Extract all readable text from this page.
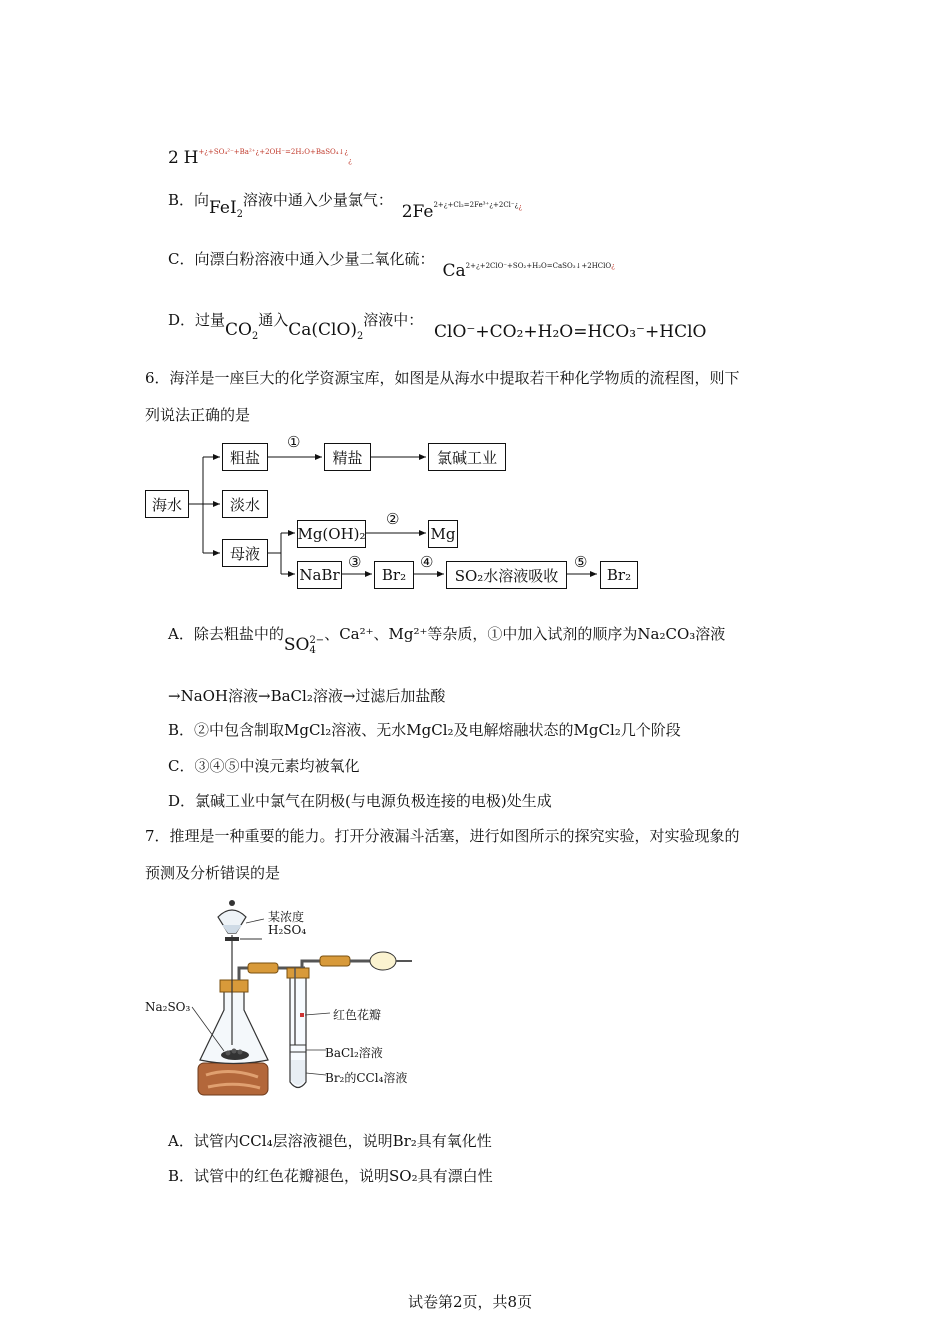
2 $H^{+¿+SO_4^{2-}+Ba^{2+}¿+2OH^-=2H_2O+BaSO_4↓¿}¿$
B．向FeI$_2$溶液中通入少量氯气： $2Fe2+¿+Cl_2=2Fe^{3+}¿+2Cl^-¿_¿$
C．向漂白粉溶液中通入少量二氧化硫：$Ca_{2+¿+2ClO^-+SO_2+H_2O=CaSO_3↓+2HClO¿}$
D．过量$CO_2$通入$Ca(ClO)_2$溶液中： ClO⁻+CO₂+H₂O=HCO₃⁻+HClO
6．海洋是一座巨大的化学资源宝库，如图是从海水中提取若干种化学物质的流程图，则下
列说法正确的是
海水
粗盐	精盐	氯碱工业
淡水
母液
Mg(OH)₂	Mg
NaBr	Br₂	SO₂水溶液吸收	Br₂
①
②
③	④	⑤
A．除去粗盐中的SO 2−
4
、Ca²⁺、Mg²⁺等杂质，①中加入试剂的顺序为Na₂CO₃溶液
→NaOH溶液→BaCl₂溶液→过滤后加盐酸
B．②中包含制取MgCl₂溶液、无水MgCl₂及电解熔融状态的MgCl₂几个阶段
C．③④⑤中溴元素均被氧化
D．氯碱工业中氯气在阴极(与电源负极连接的电极)处生成
7．推理是一种重要的能力。打开分液漏斗活塞，进行如图所示的探究实验，对实验现象的
预测及分析错误的是
某浓度
H₂SO₄
Na₂SO₃
红色花瓣
BaCl₂溶液
Br₂的CCl₄溶液
A．试管内CCl₄层溶液褪色，说明Br₂具有氧化性
B．试管中的红色花瓣褪色，说明SO₂具有漂白性
试卷第2页，共8页
